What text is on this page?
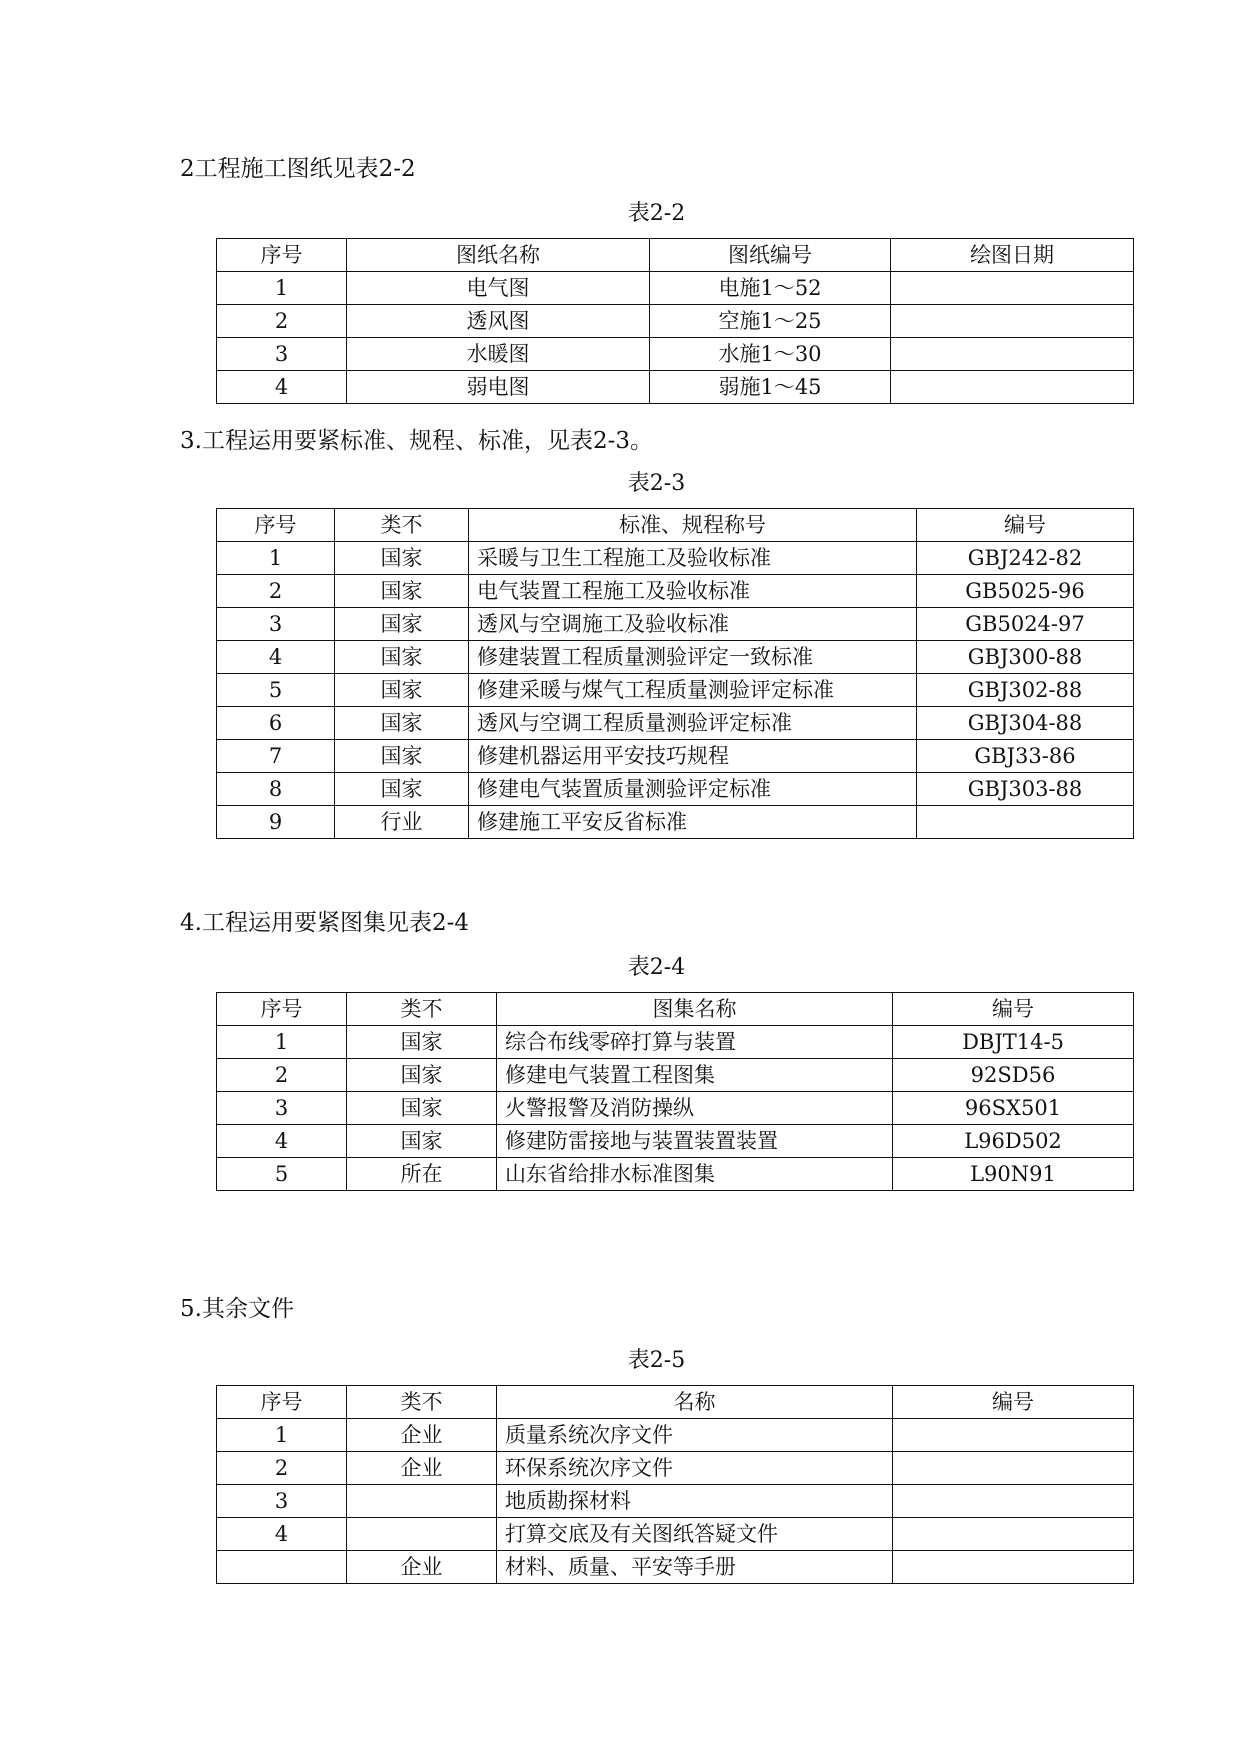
2工程施工图纸见表2-2

表2-2

序号	图纸名称	图纸编号	绘图日期
1	电气图	电施1～52	
2	透风图	空施1～25	
3	水暖图	水施1～30	
4	弱电图	弱施1～45	

3.工程运用要紧标准、规程、标准，见表2-3。

表2-3

序号	类不	标准、规程称号	编号
1	国家	采暖与卫生工程施工及验收标准	GBJ242-82
2	国家	电气装置工程施工及验收标准	GB5025-96
3	国家	透风与空调施工及验收标准	GB5024-97
4	国家	修建装置工程质量测验评定一致标准	GBJ300-88
5	国家	修建采暖与煤气工程质量测验评定标准	GBJ302-88
6	国家	透风与空调工程质量测验评定标准	GBJ304-88
7	国家	修建机器运用平安技巧规程	GBJ33-86
8	国家	修建电气装置质量测验评定标准	GBJ303-88
9	行业	修建施工平安反省标准	

4.工程运用要紧图集见表2-4

表2-4

序号	类不	图集名称	编号
1	国家	综合布线零碎打算与装置	DBJT14-5
2	国家	修建电气装置工程图集	92SD56
3	国家	火警报警及消防操纵	96SX501
4	国家	修建防雷接地与装置装置装置	L96D502
5	所在	山东省给排水标准图集	L90N91

5.其余文件

表2-5

序号	类不	名称	编号
1	企业	质量系统次序文件	
2	企业	环保系统次序文件	
3		地质勘探材料	
4		打算交底及有关图纸答疑文件	
	企业	材料、质量、平安等手册	
